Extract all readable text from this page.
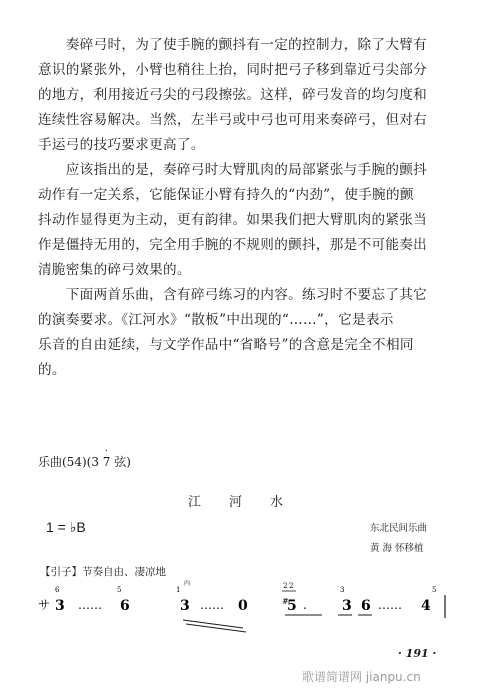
　　奏碎弓时，为了使手腕的颤抖有一定的控制力，除了大臂有
意识的紧张外，小臂也稍往上抬，同时把弓子移到靠近弓尖部分
的地方，利用接近弓尖的弓段擦弦。这样，碎弓发音的均匀度和
连续性容易解决。当然，左半弓或中弓也可用来奏碎弓，但对右
手运弓的技巧要求更高了。

　　应该指出的是，奏碎弓时大臂肌肉的局部紧张与手腕的颤抖
动作有一定关系，它能保证小臂有持久的“内劲”，使手腕的颤
抖动作显得更为主动，更有韵律。如果我们把大臂肌肉的紧张当
作是僵持无用的，完全用手腕的不规则的颤抖，那是不可能奏出
清脆密集的碎弓效果的。

　　下面两首乐曲，含有碎弓练习的内容。练习时不要忘了其它
的演奏要求。《江河水》“散板”中出现的“……”，它是表示
乐音的自由延续，与文学作品中“省略号”的含意是完全不相同
的。

乐曲(54)(3 · 7 弦)
江河水
1 = ♭B	东北民间乐曲
黄 海 怀移植
【引子】节奏自由、凄凉地
サ
6
3 ……
5
6
1
内
3 …… 0
2 2
5
# .
3
3 6 ……
5
4
· 191 ·
歌谱简谱网 jianpu.cn
